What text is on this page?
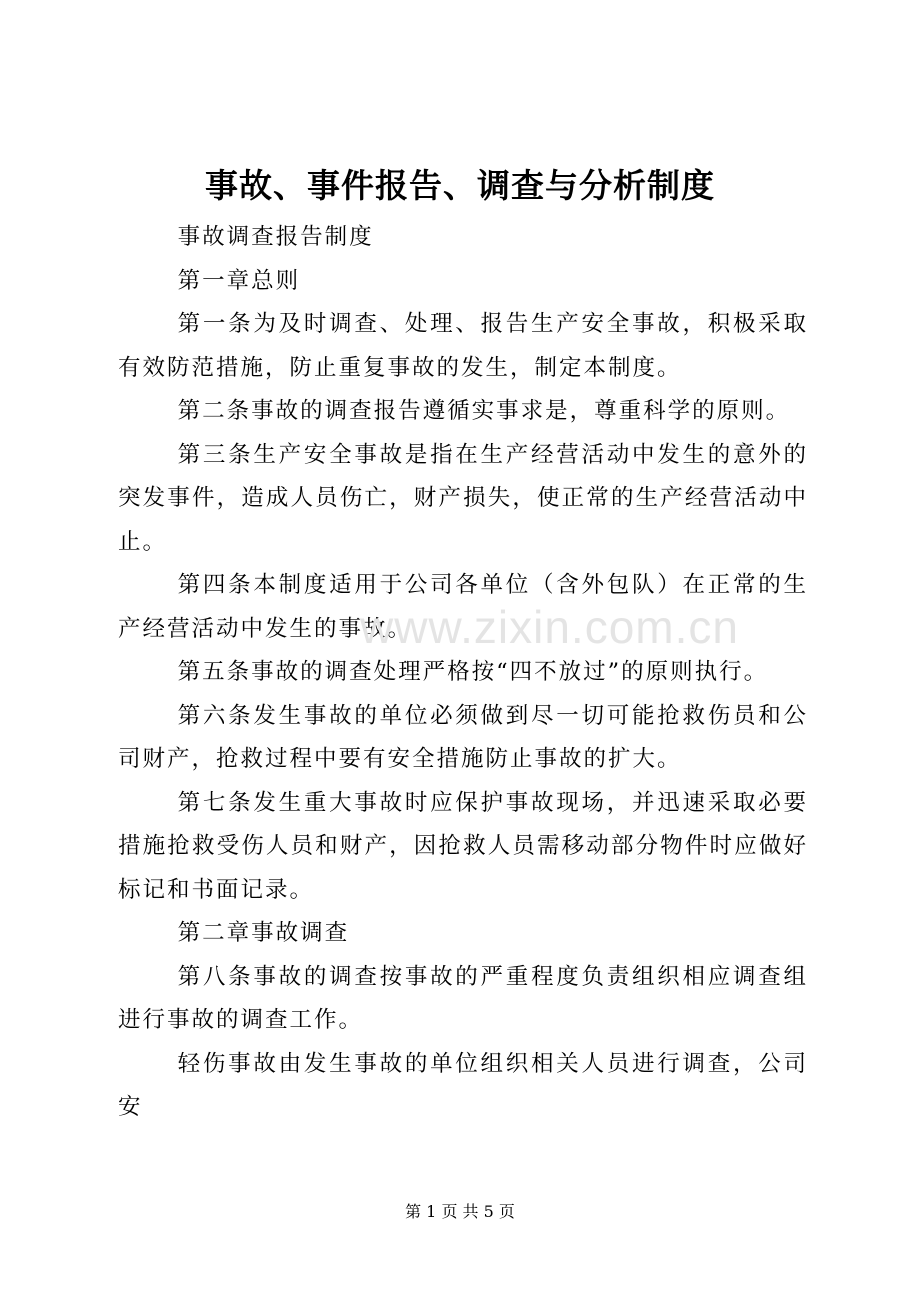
事故、事件报告、调查与分析制度

事故调查报告制度

第一章总则

第一条为及时调查、处理、报告生产安全事故，积极采取有效防范措施，防止重复事故的发生，制定本制度。

第二条事故的调查报告遵循实事求是，尊重科学的原则。

第三条生产安全事故是指在生产经营活动中发生的意外的突发事件，造成人员伤亡，财产损失，使正常的生产经营活动中止。

第四条本制度适用于公司各单位（含外包队）在正常的生产经营活动中发生的事故。

第五条事故的调查处理严格按“四不放过”的原则执行。

第六条发生事故的单位必须做到尽一切可能抢救伤员和公司财产，抢救过程中要有安全措施防止事故的扩大。

第七条发生重大事故时应保护事故现场，并迅速采取必要措施抢救受伤人员和财产，因抢救人员需移动部分物件时应做好标记和书面记录。

第二章事故调查

第八条事故的调查按事故的严重程度负责组织相应调查组进行事故的调查工作。

轻伤事故由发生事故的单位组织相关人员进行调查，公司安

www.zixin.com.cn
第 1 页 共 5 页
